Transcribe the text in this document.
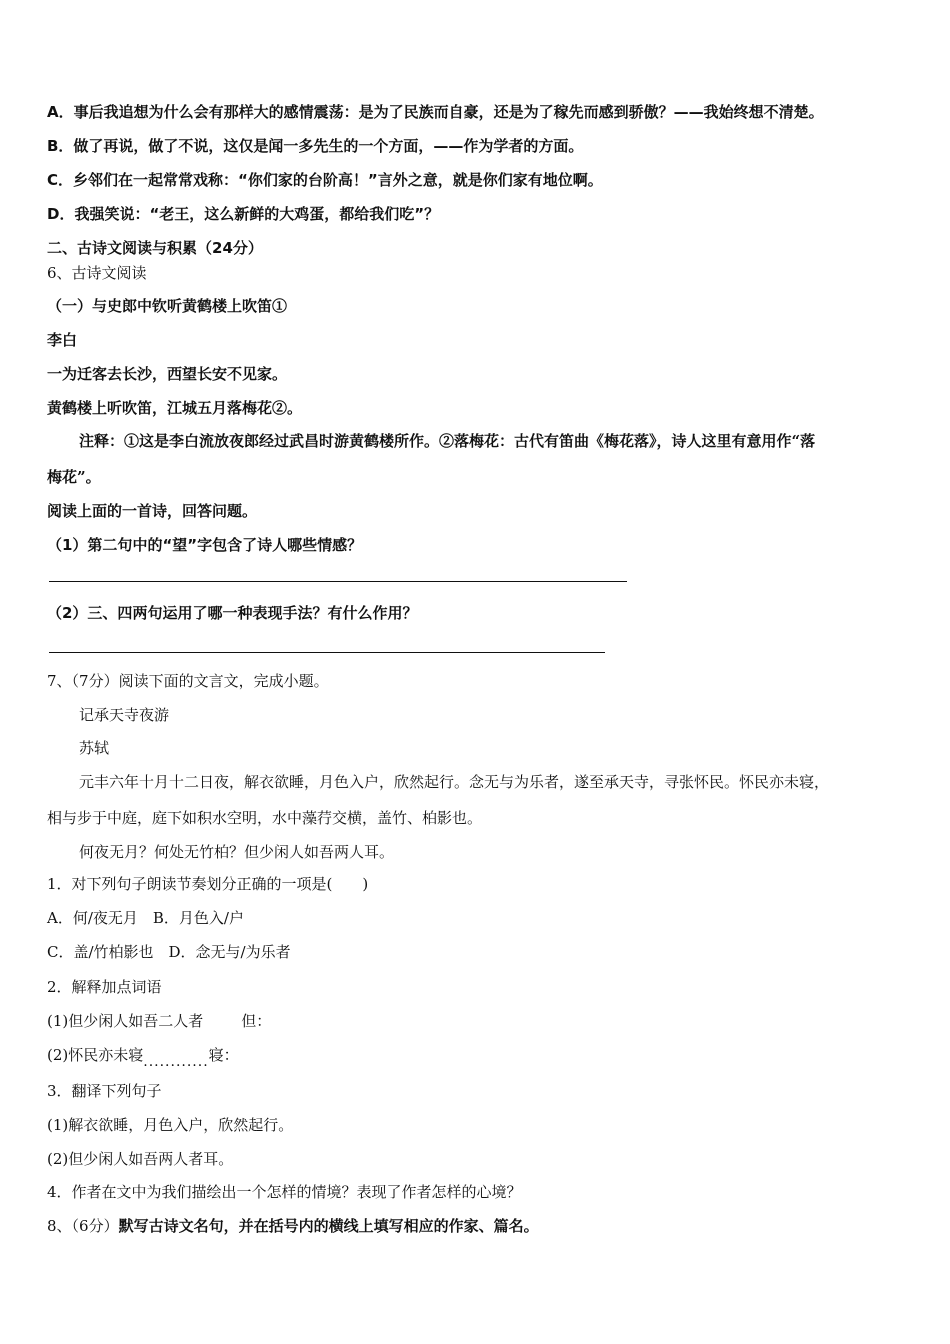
A．事后我追想为什么会有那样大的感情震荡：是为了民族而自豪，还是为了稼先而感到骄傲？——我始终想不清楚。
B．做了再说，做了不说，这仅是闻一多先生的一个方面，——作为学者的方面。
C．乡邻们在一起常常戏称：“你们家的台阶高！”言外之意，就是你们家有地位啊。
D．我强笑说：“老王，这么新鲜的大鸡蛋，都给我们吃”？
二、古诗文阅读与积累（24分）
6、古诗文阅读
（一）与史郎中钦听黄鹤楼上吹笛①
李白
一为迁客去长沙，西望长安不见家。
黄鹤楼上听吹笛，江城五月落梅花②。
注释：①这是李白流放夜郎经过武昌时游黄鹤楼所作。②落梅花：古代有笛曲《梅花落》，诗人这里有意用作“落
梅花”。
阅读上面的一首诗，回答问题。
（1）第二句中的“望”字包含了诗人哪些情感？
（2）三、四两句运用了哪一种表现手法？有什么作用？
7、（7分）阅读下面的文言文，完成小题。
记承天寺夜游
苏轼
元丰六年十月十二日夜，解衣欲睡，月色入户，欣然起行。念无与为乐者，遂至承天寺，寻张怀民。怀民亦未寝，
相与步于中庭，庭下如积水空明，水中藻荇交横，盖竹、柏影也。
何夜无月？何处无竹柏？但少闲人如吾两人耳。
1．对下列句子朗读节奏划分正确的一项是(　　)
A．何/夜无月　B．月色入/户
C．盖/竹柏影也　D．念无与/为乐者
2．解释加点词语
(1)但少闲人如吾二人者	但：
(2)怀民亦未寝............寝：
3．翻译下列句子
(1)解衣欲睡，月色入户，欣然起行。
(2)但少闲人如吾两人者耳。
4．作者在文中为我们描绘出一个怎样的情境？表现了作者怎样的心境？
8、（6分）默写古诗文名句，并在括号内的横线上填写相应的作家、篇名。
